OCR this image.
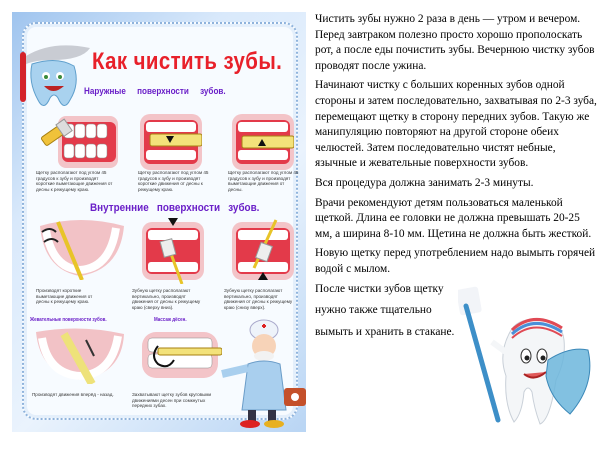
Как чистить зубы.
Наружные поверхности зубов.
Щетку располагают под углом 45 градусов к зубу и производят короткие выметающие движения от десны к режущему краю.
Щетку располагают под углом 45 градусов к зубу и производят короткие движения от десны к режущему краю.
Щетку располагают под углом 45 градусов к зубу и производят выметающие движения от десны.
Внутренние поверхности зубов.
Производят короткие выметающие движения от десны к режущему краю.
Зубную щетку располагают вертикально, производят движения от десны к режущему краю (сверху вниз).
Зубную щетку располагают вертикально, производят движения от десны к режущему краю (снизу вверх).
Жевательные поверхности зубов.	Массаж дёсен.
Производят движения вперёд - назад.	Захватывают щетку зубов круговыми движениями десен при сомкнутых передних зубах.

Чистить зубы нужно 2 раза в день — утром и вечером. Перед завтраком полезно просто хорошо прополоскать рот, а после еды почистить зубы. Вечернюю чистку зубов проводят после ужина.

Начинают чистку с больших коренных зубов одной стороны и затем последовательно, захватывая по 2-3 зуба, перемещают щетку в сторону передних зубов. Такую же манипуляцию повторяют на другой стороне обеих челюстей. Затем последовательно чистят небные, язычные и жевательные поверхности зубов.

Вся процедура должна занимать 2-3 минуты.

Врачи рекомендуют детям пользоваться маленькой щеткой. Длина ее головки не должна превышать 20-25 мм, а ширина 8-10 мм. Щетина не должна быть жесткой.

Новую щетку перед употреблением надо вымыть горячей водой с мылом.

После чистки зубов щетку

нужно также тщательно

вымыть и хранить в стакане.
